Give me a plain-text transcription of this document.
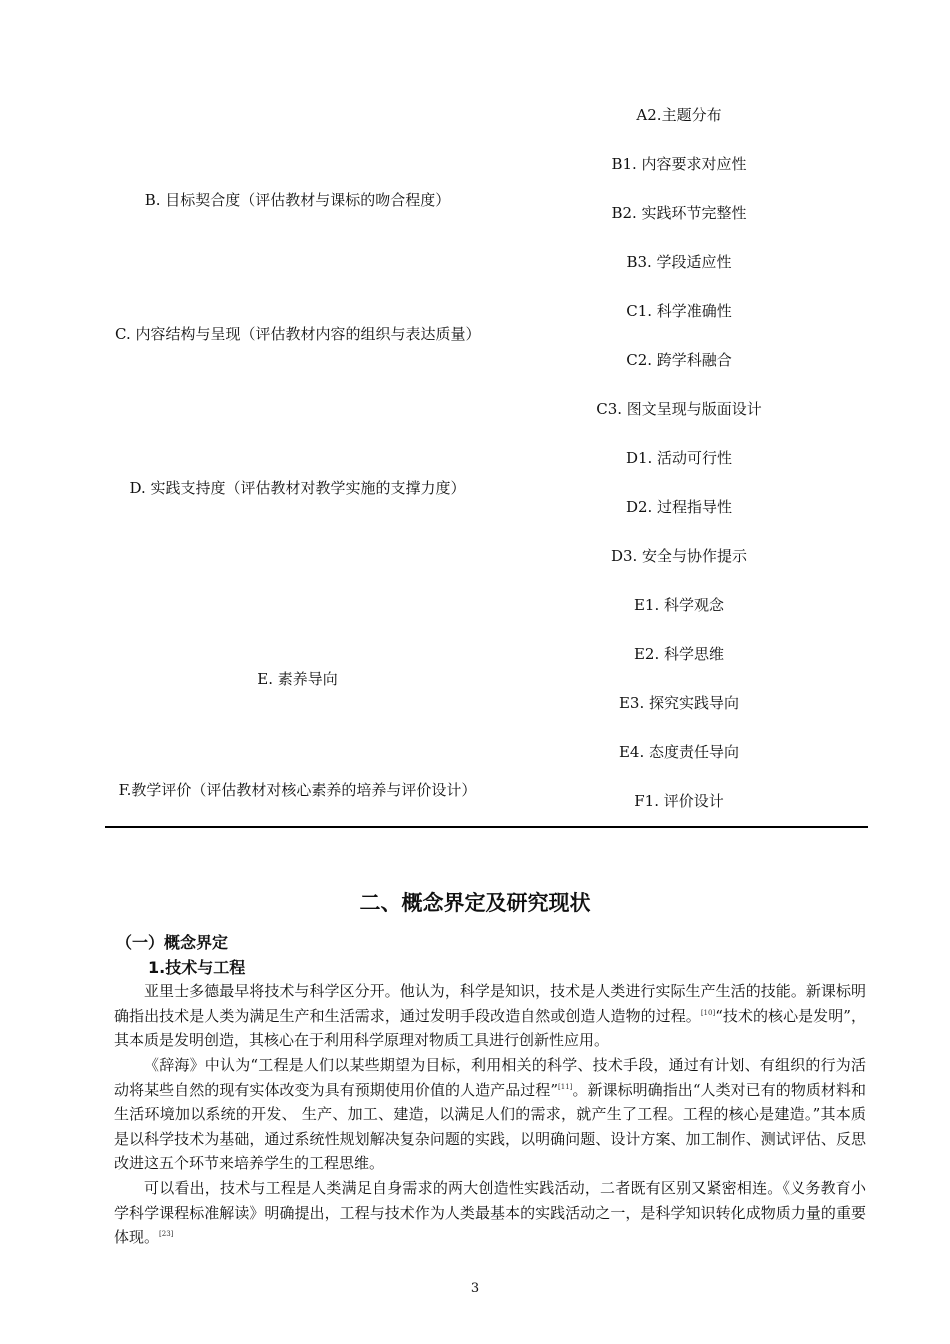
B. 目标契合度（评估教材与课标的吻合程度）
C. 内容结构与呈现（评估教材内容的组织与表达质量）
D. 实践支持度（评估教材对教学实施的支撑力度）
E. 素养导向
F.教学评价（评估教材对核心素养的培养与评价设计）
A2.主题分布
B1. 内容要求对应性
B2. 实践环节完整性
B3. 学段适应性
C1. 科学准确性
C2. 跨学科融合
C3. 图文呈现与版面设计
D1. 活动可行性
D2. 过程指导性
D3. 安全与协作提示
E1. 科学观念
E2. 科学思维
E3. 探究实践导向
E4. 态度责任导向
F1. 评价设计
二、概念界定及研究现状
（一）概念界定
1.技术与工程
亚里士多德最早将技术与科学区分开。他认为，科学是知识，技术是人类进行实际生产生活的技能。新课标明确指出技术是人类为满足生产和生活需求，通过发明手段改造自然或创造人造物的过程。[10]“技术的核心是发明”，其本质是发明创造，其核心在于利用科学原理对物质工具进行创新性应用。
《辞海》中认为“工程是人们以某些期望为目标，利用相关的科学、技术手段，通过有计划、有组织的行为活动将某些自然的现有实体改变为具有预期使用价值的人造产品过程”[11]。新课标明确指出“人类对已有的物质材料和生活环境加以系统的开发、 生产、加工、建造，以满足人们的需求，就产生了工程。工程的核心是建造。”其本质是以科学技术为基础，通过系统性规划解决复杂问题的实践，以明确问题、设计方案、加工制作、测试评估、反思改进这五个环节来培养学生的工程思维。
可以看出，技术与工程是人类满足自身需求的两大创造性实践活动，二者既有区别又紧密相连。《义务教育小学科学课程标准解读》明确提出，工程与技术作为人类最基本的实践活动之一，是科学知识转化成物质力量的重要体现。[23]
3
